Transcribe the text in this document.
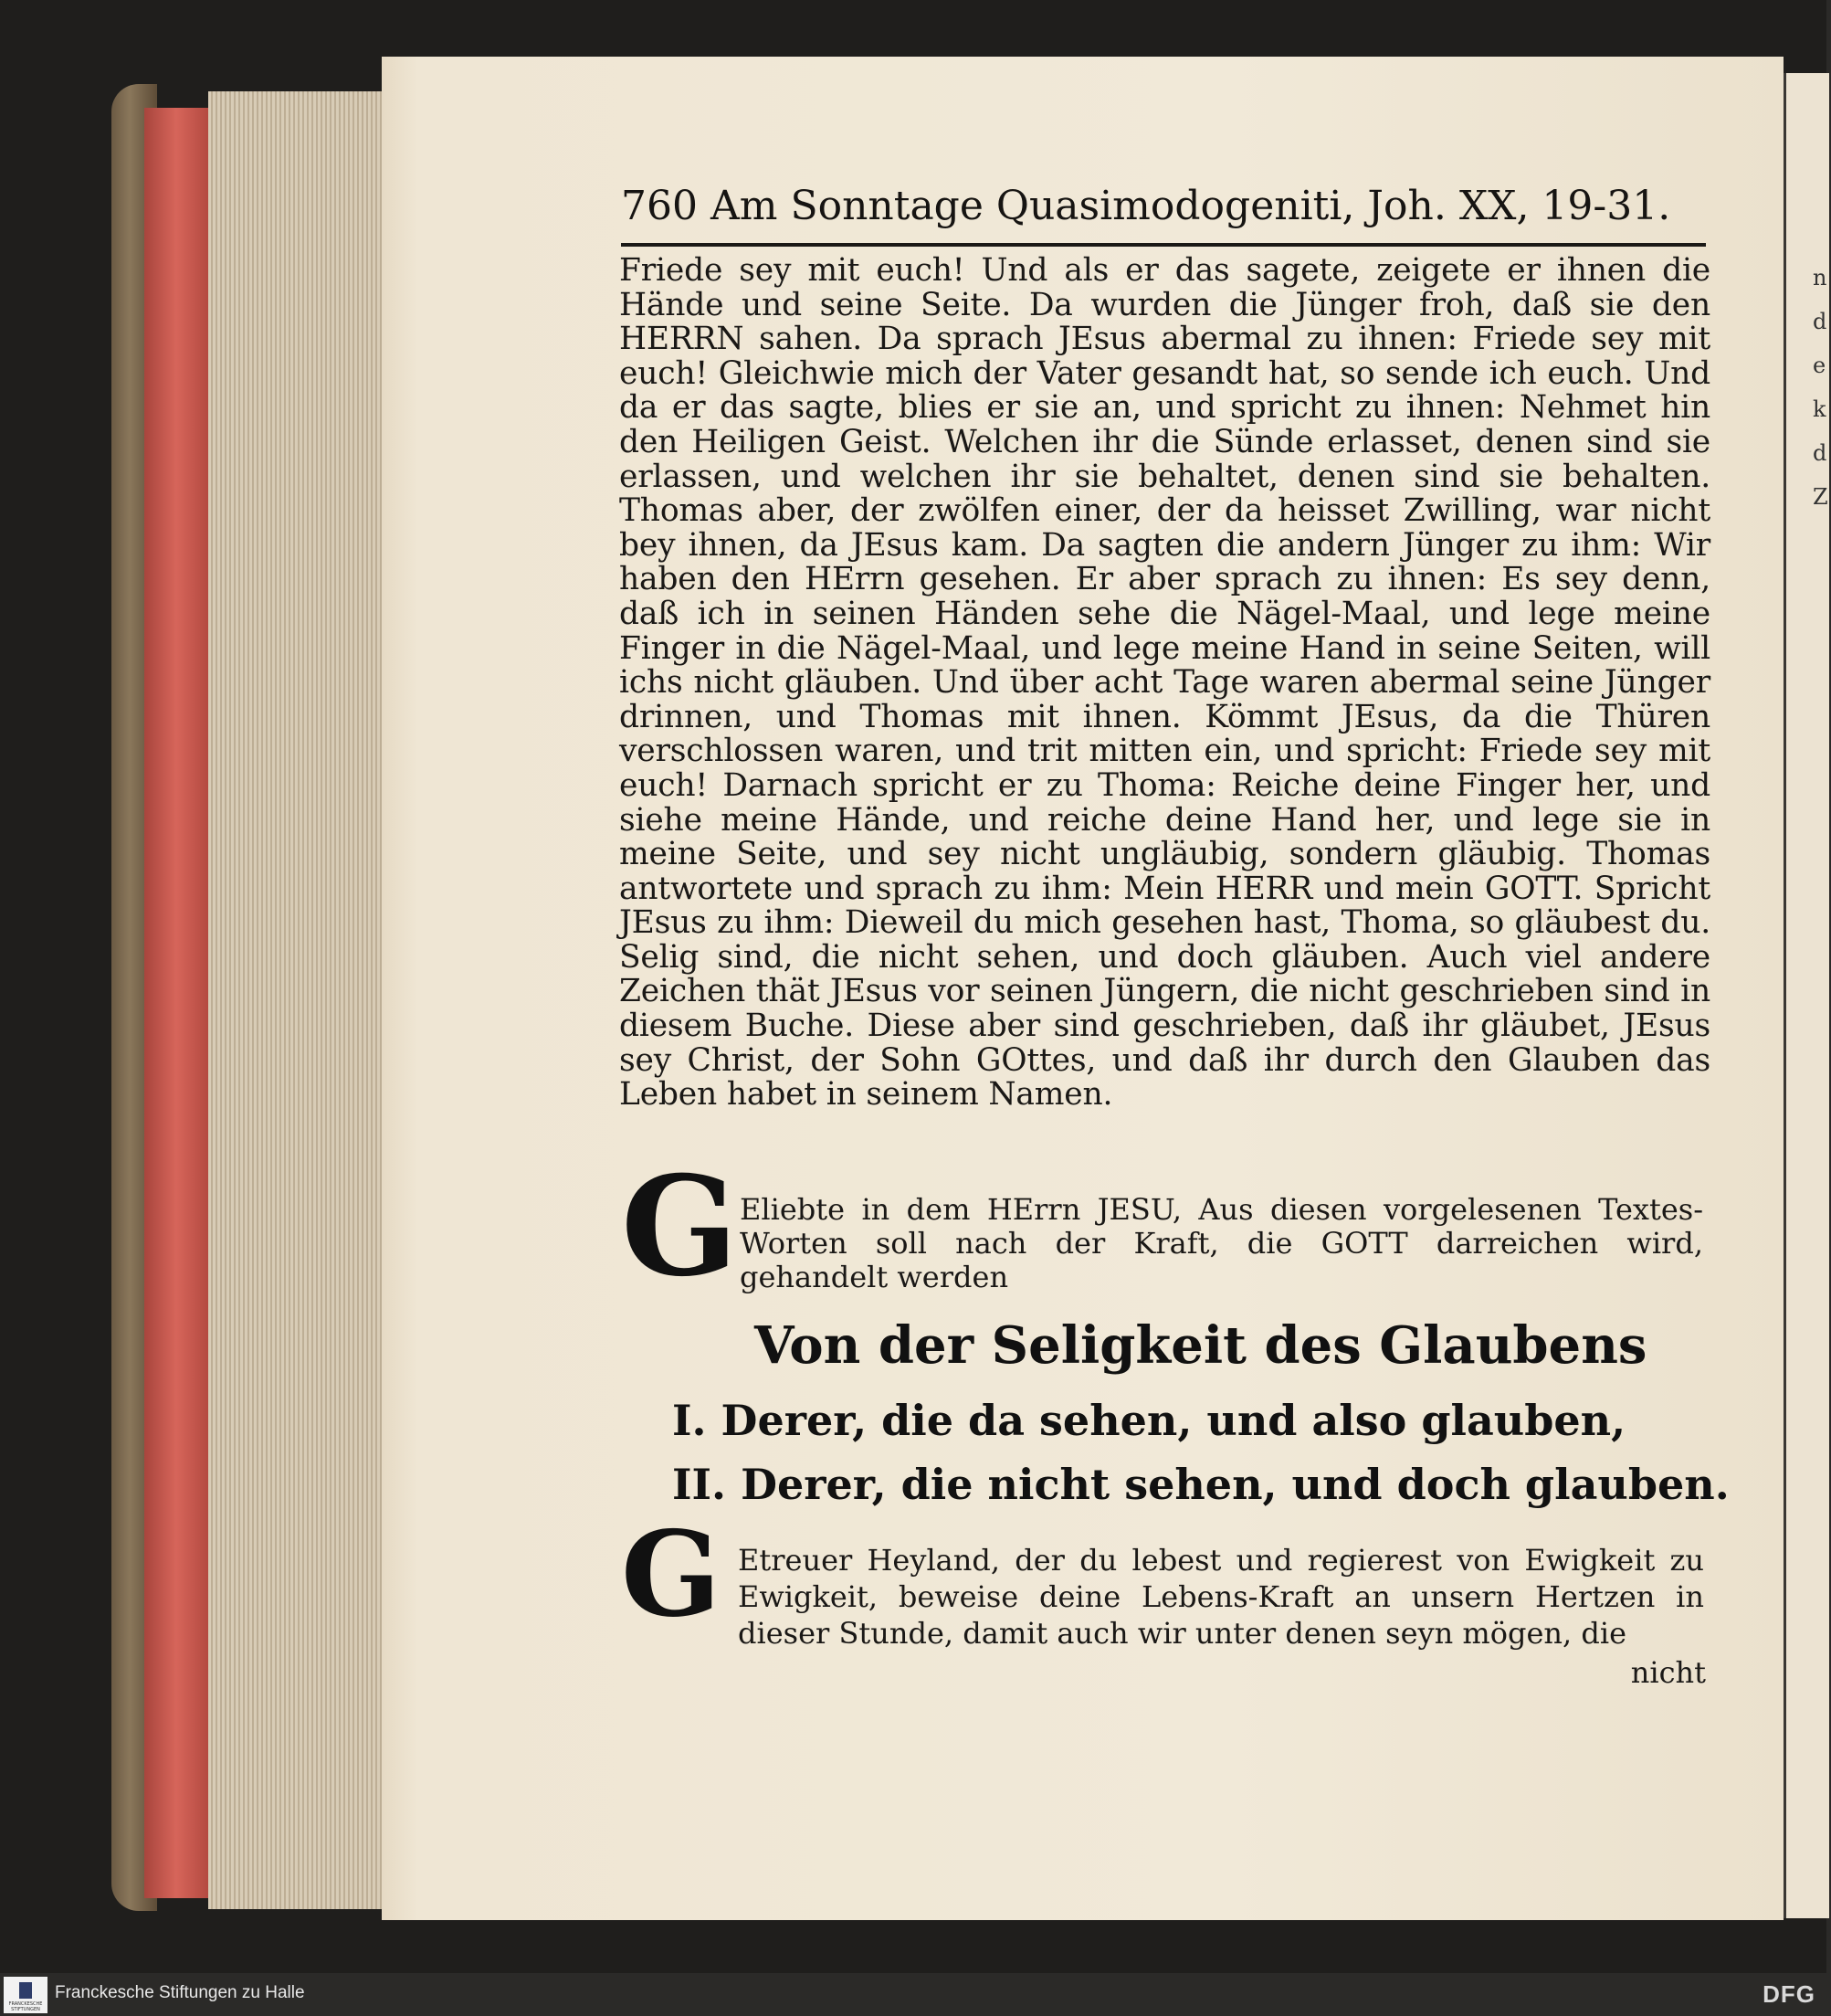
n
d
e
k
d
Z
760 Am Sonntage Quasimodogeniti, Joh. XX, 19-31.
Friede sey mit euch! Und als er das sagete, zeigete er ihnen die Hände und seine Seite. Da wurden die Jünger froh, daß sie den HERRN sahen. Da sprach JEsus abermal zu ihnen: Friede sey mit euch! Gleichwie mich der Vater gesandt hat, so sende ich euch. Und da er das sagte, blies er sie an, und spricht zu ihnen: Nehmet hin den Heiligen Geist. Welchen ihr die Sünde erlasset, denen sind sie erlassen, und welchen ihr sie behaltet, denen sind sie behalten. Thomas aber, der zwölfen einer, der da heisset Zwilling, war nicht bey ihnen, da JEsus kam. Da sagten die andern Jünger zu ihm: Wir haben den HErrn gesehen. Er aber sprach zu ihnen: Es sey denn, daß ich in seinen Händen sehe die Nägel-Maal, und lege meine Finger in die Nägel-Maal, und lege meine Hand in seine Seiten, will ichs nicht gläuben. Und über acht Tage waren abermal seine Jünger drinnen, und Thomas mit ihnen. Kömmt JEsus, da die Thüren verschlossen waren, und trit mitten ein, und spricht: Friede sey mit euch! Darnach spricht er zu Thoma: Reiche deine Finger her, und siehe meine Hände, und reiche deine Hand her, und lege sie in meine Seite, und sey nicht ungläubig, sondern gläubig. Thomas antwortete und sprach zu ihm: Mein HERR und mein GOTT. Spricht JEsus zu ihm: Dieweil du mich gesehen hast, Thoma, so gläubest du. Selig sind, die nicht sehen, und doch gläuben. Auch viel andere Zeichen thät JEsus vor seinen Jüngern, die nicht geschrieben sind in diesem Buche. Diese aber sind geschrieben, daß ihr gläubet, JEsus sey Christ, der Sohn GOttes, und daß ihr durch den Glauben das Leben habet in seinem Namen.
G Eliebte in dem HErrn JESU, Aus diesen vorgelesenen Textes-Worten soll nach der Kraft, die GOTT darreichen wird, gehandelt werden
Von der Seligkeit des Glaubens
I. Derer, die da sehen, und also glauben,
II. Derer, die nicht sehen, und doch glauben.
G Etreuer Heyland, der du lebest und regierest von Ewigkeit zu Ewigkeit, beweise deine Lebens-Kraft an unsern Hertzen in dieser Stunde, damit auch wir unter denen seyn mögen, die
nicht
FRANCKESCHE STIFTUNGEN
Franckesche Stiftungen zu Halle	DFG
